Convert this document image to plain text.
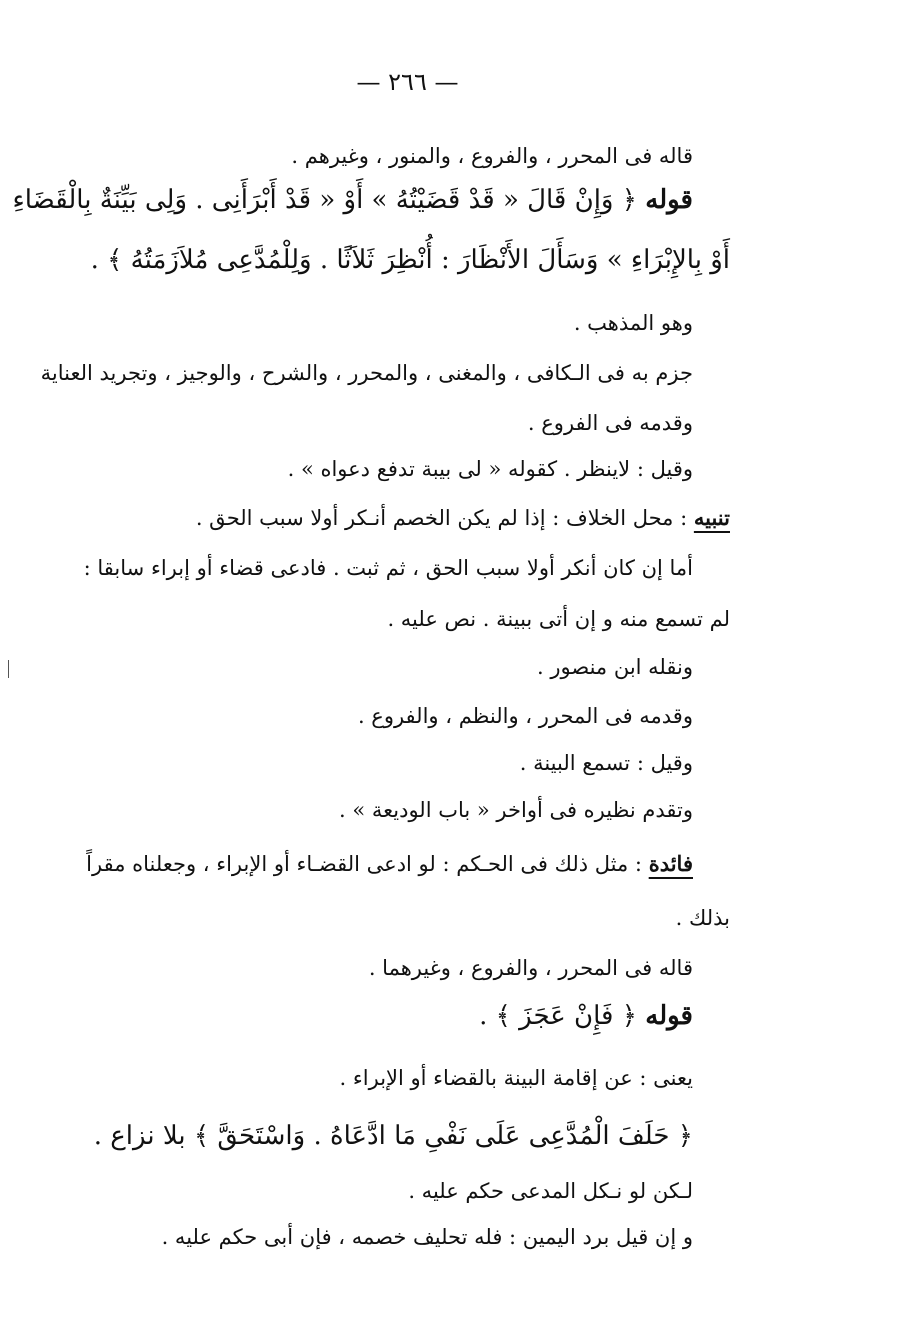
— ٢٦٦ —
قاله فى المحرر ، والفروع ، والمنور ، وغيرهم .
قوله ﴿ وَإِنْ قَالَ « قَدْ قَضَيْتُهُ » أَوْ « قَدْ أَبْرَأَنِى . وَلِى بَيِّنَةٌ بِالْقَضَاءِ
أَوْ بِالإِبْرَاءِ » وَسَأَلَ الأَنْظَارَ : أُنْظِرَ ثَلاَثًا . وَلِلْمُدَّعِى مُلاَزَمَتُهُ ﴾ .
وهو المذهب .
جزم به فى الـكافى ، والمغنى ، والمحرر ، والشرح ، والوجيز ، وتجريد العناية
وقدمه فى الفروع .
وقيل : لاينظر . كقوله « لى بيبة تدفع دعواه » .
تنبيه : محل الخلاف : إذا لم يكن الخصم أنـكر أولا سبب الحق .
أما إن كان أنكر أولا سبب الحق ، ثم ثبت . فادعى قضاء أو إبراء سابقا :
لم تسمع منه و إن أتى ببينة . نص عليه .
ونقله ابن منصور .
وقدمه فى المحرر ، والنظم ، والفروع .
وقيل : تسمع البينة .
وتقدم نظيره فى أواخر « باب الوديعة » .
فائدة : مثل ذلك فى الحـكم : لو ادعى القضـاء أو الإبراء ، وجعلناه مقراً
بذلك .
قاله فى المحرر ، والفروع ، وغيرهما .
قوله ﴿ فَإِنْ عَجَزَ ﴾ .
يعنى : عن إقامة البينة بالقضاء أو الإبراء .
﴿ حَلَفَ الْمُدَّعِى عَلَى نَفْىِ مَا ادَّعَاهُ . وَاسْتَحَقَّ ﴾ بلا نزاع .
لـكن لو نـكل المدعى حكم عليه .
و إن قيل برد اليمين : فله تحليف خصمه ، فإن أبى حكم عليه .
